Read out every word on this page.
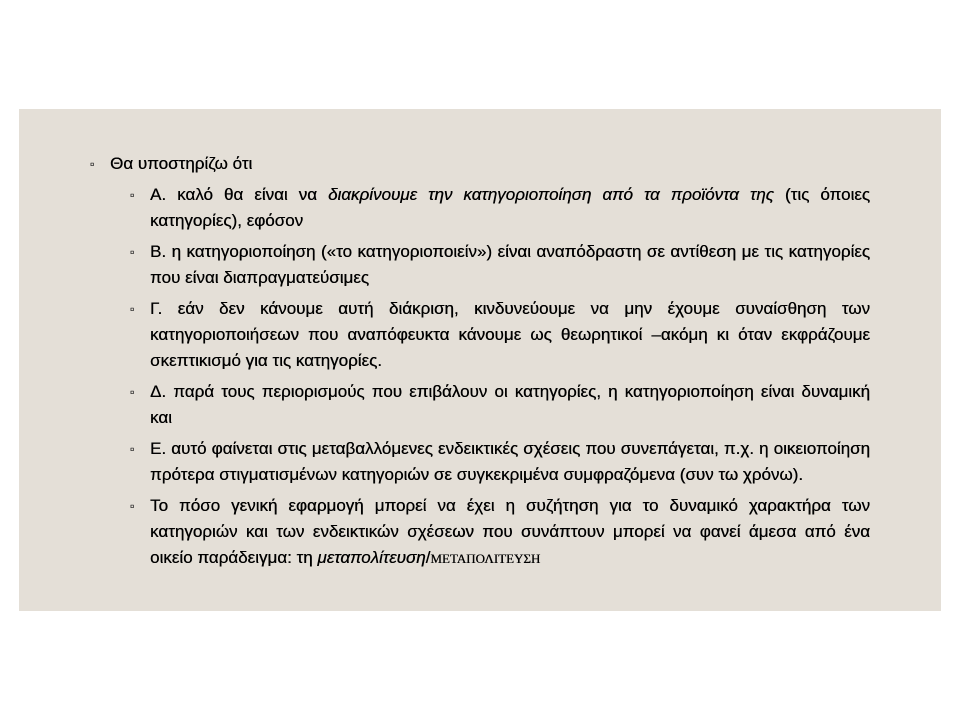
▫ Θα υποστηρίζω ότι
▫ Α. καλό θα είναι να διακρίνουμε την κατηγοριοποίηση από τα προϊόντα της (τις όποιες κατηγορίες), εφόσον
▫ Β. η κατηγοριοποίηση («το κατηγοριοποιείν») είναι αναπόδραστη σε αντίθεση με τις κατηγορίες που είναι διαπραγματεύσιμες
▫ Γ. εάν δεν κάνουμε αυτή διάκριση, κινδυνεύουμε να μην έχουμε συναίσθηση των κατηγοριοποιήσεων που αναπόφευκτα κάνουμε ως θεωρητικοί –ακόμη κι όταν εκφράζουμε σκεπτικισμό για τις κατηγορίες.
▫ Δ. παρά τους περιορισμούς που επιβάλουν οι κατηγορίες, η κατηγοριοποίηση είναι δυναμική και
▫ Ε. αυτό φαίνεται στις μεταβαλλόμενες ενδεικτικές σχέσεις που συνεπάγεται, π.χ. η οικειοποίηση πρότερα στιγματισμένων κατηγοριών σε συγκεκριμένα συμφραζόμενα (συν τω χρόνω).
▫ Το πόσο γενική εφαρμογή μπορεί να έχει η συζήτηση για το δυναμικό χαρακτήρα των κατηγοριών και των ενδεικτικών σχέσεων που συνάπτουν μπορεί να φανεί άμεσα από ένα οικείο παράδειγμα: τη μεταπολίτευση/ΜΕΤΑΠΟΛΙΤΕΥΣΗ
